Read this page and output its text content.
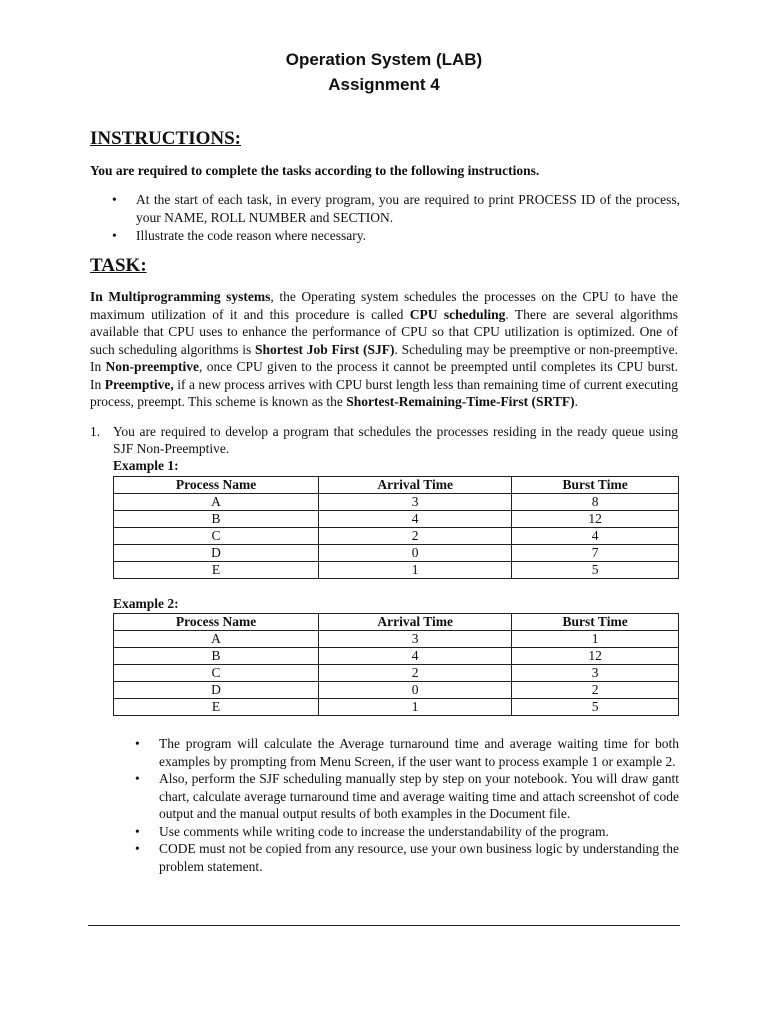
Operation System (LAB)
Assignment 4
INSTRUCTIONS:
You are required to complete the tasks according to the following instructions.
• At the start of each task, in every program, you are required to print PROCESS ID of the process, your NAME, ROLL NUMBER and SECTION.
• Illustrate the code reason where necessary.
TASK:

In Multiprogramming systems, the Operating system schedules the processes on the CPU to have the maximum utilization of it and this procedure is called CPU scheduling. There are several algorithms available that CPU uses to enhance the performance of CPU so that CPU utilization is optimized. One of such scheduling algorithms is Shortest Job First (SJF). Scheduling may be preemptive or non-preemptive. In Non-preemptive, once CPU given to the process it cannot be preempted until completes its CPU burst. In Preemptive, if a new process arrives with CPU burst length less than remaining time of current executing process, preempt. This scheme is known as the Shortest-Remaining-Time-First (SRTF).

1. You are required to develop a program that schedules the processes residing in the ready queue using SJF Non-Preemptive.
Example 1:
Process Name	Arrival Time	Burst Time
A	3	8
B	4	12
C	2	4
D	0	7
E	1	5
Example 2:
Process Name	Arrival Time	Burst Time
A	3	1
B	4	12
C	2	3
D	0	2
E	1	5
• The program will calculate the Average turnaround time and average waiting time for both examples by prompting from Menu Screen, if the user want to process example 1 or example 2.
• Also, perform the SJF scheduling manually step by step on your notebook. You will draw gantt chart, calculate average turnaround time and average waiting time and attach screenshot of code output and the manual output results of both examples in the Document file.
• Use comments while writing code to increase the understandability of the program.
• CODE must not be copied from any resource, use your own business logic by understanding the problem statement.
